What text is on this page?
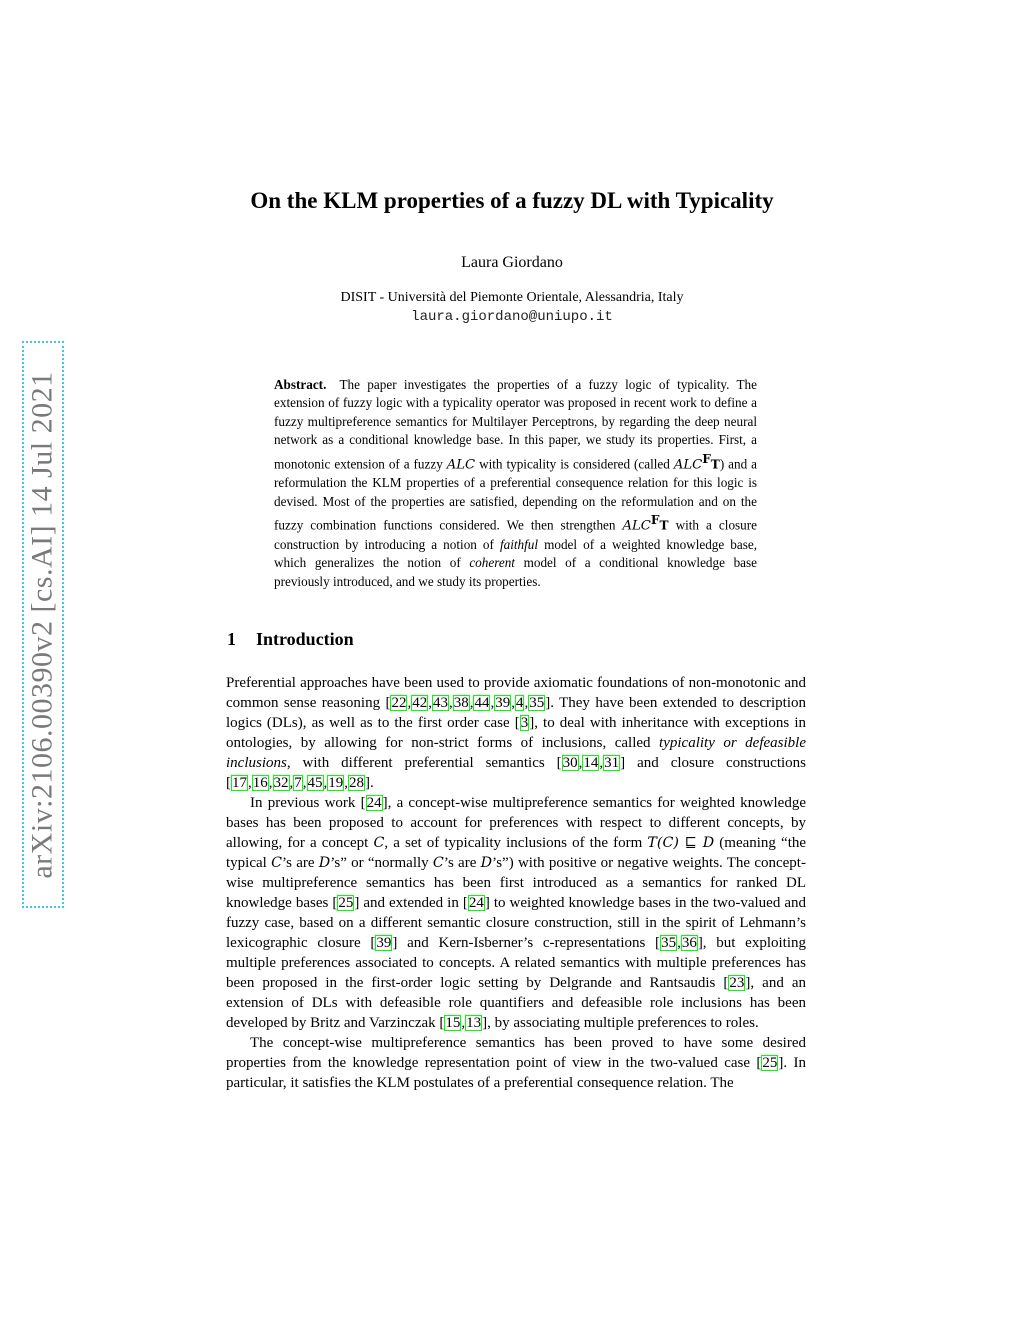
arXiv:2106.00390v2 [cs.AI] 14 Jul 2021
On the KLM properties of a fuzzy DL with Typicality
Laura Giordano
DISIT - Università del Piemonte Orientale, Alessandria, Italy
laura.giordano@uniupo.it
Abstract. The paper investigates the properties of a fuzzy logic of typicality. The extension of fuzzy logic with a typicality operator was proposed in recent work to define a fuzzy multipreference semantics for Multilayer Perceptrons, by regarding the deep neural network as a conditional knowledge base. In this paper, we study its properties. First, a monotonic extension of a fuzzy ALC with typicality is considered (called $ALC^FT$) and a reformulation the KLM properties of a preferential consequence relation for this logic is devised. Most of the properties are satisfied, depending on the reformulation and on the fuzzy combination functions considered. We then strengthen $ALC^FT$ with a closure construction by introducing a notion of faithful model of a weighted knowledge base, which generalizes the notion of coherent model of a conditional knowledge base previously introduced, and we study its properties.
1 Introduction

Preferential approaches have been used to provide axiomatic foundations of non-monotonic and common sense reasoning [22,42,43,38,44,39,4,35]. They have been extended to description logics (DLs), as well as to the first order case [3], to deal with inheritance with exceptions in ontologies, by allowing for non-strict forms of inclusions, called typicality or defeasible inclusions, with different preferential semantics [30,14,31] and closure constructions [17,16,32,7,45,19,28].

In previous work [24], a concept-wise multipreference semantics for weighted knowledge bases has been proposed to account for preferences with respect to different concepts, by allowing, for a concept C, a set of typicality inclusions of the form T(C) ⊑ D (meaning “the typical C’s are D’s” or “normally C’s are D’s”) with positive or negative weights. The concept-wise multipreference semantics has been first introduced as a semantics for ranked DL knowledge bases [25] and extended in [24] to weighted knowledge bases in the two-valued and fuzzy case, based on a different semantic closure construction, still in the spirit of Lehmann’s lexicographic closure [39] and Kern-Isberner’s c-representations [35,36], but exploiting multiple preferences associated to concepts. A related semantics with multiple preferences has been proposed in the first-order logic setting by Delgrande and Rantsaudis [23], and an extension of DLs with defeasible role quantifiers and defeasible role inclusions has been developed by Britz and Varzinczak [15,13], by associating multiple preferences to roles.

The concept-wise multipreference semantics has been proved to have some desired properties from the knowledge representation point of view in the two-valued case [25]. In particular, it satisfies the KLM postulates of a preferential consequence relation. The
